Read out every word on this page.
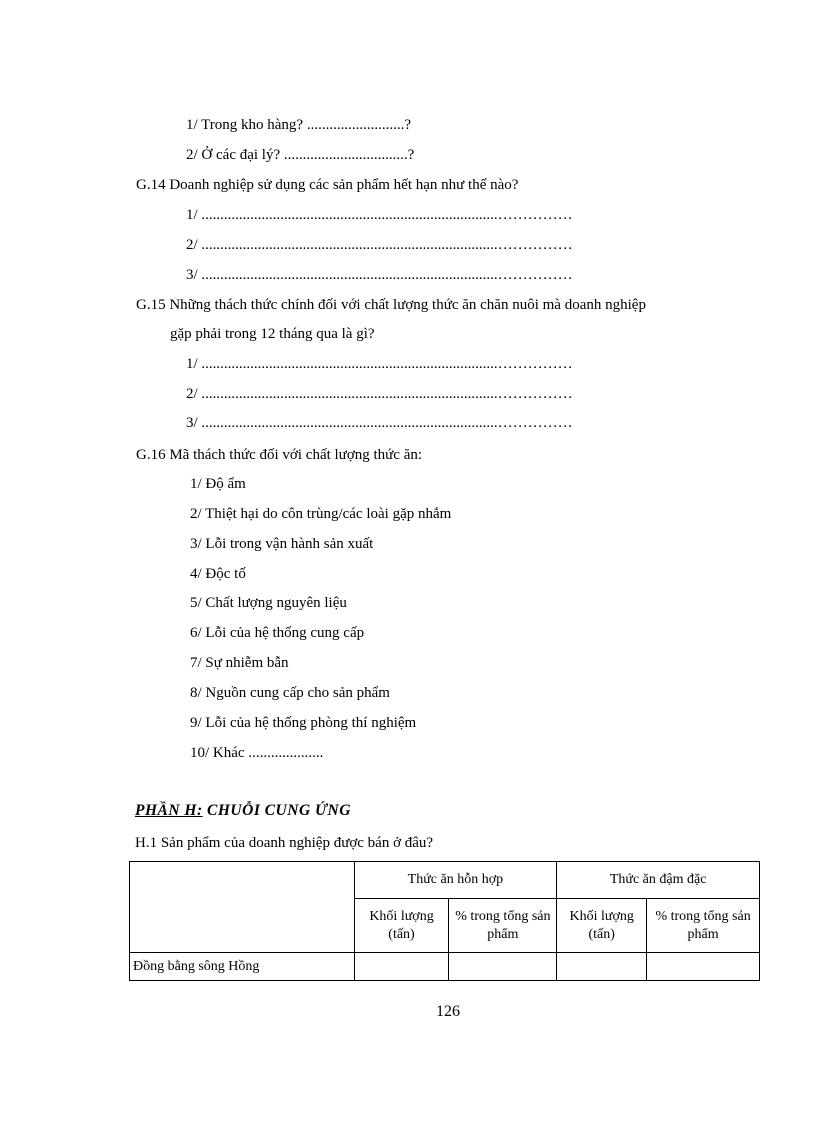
1/ Trong kho hàng? ..........................?
2/ Ở các đại lý? .................................?
G.14 Doanh nghiệp sử dụng các sản phẩm hết hạn như thế nào?
1/ ...............................................................................……………
2/ ...............................................................................……………
3/ ...............................................................................……………
G.15 Những thách thức chính đối với chất lượng thức ăn chăn nuôi mà doanh nghiệp
gặp phải trong 12 tháng qua là gì?
1/ ...............................................................................……………
2/ ...............................................................................……………
3/ ...............................................................................……………
G.16 Mã thách thức đối với chất lượng thức ăn:
1/ Độ ẩm
2/ Thiệt hại do côn trùng/các loài gặp nhắm
3/ Lỗi trong vận hành sản xuất
4/ Độc tố
5/ Chất lượng nguyên liệu
6/ Lỗi của hệ thống cung cấp
7/ Sự nhiễm bẫn
8/ Nguồn cung cấp cho sản phẩm
9/ Lỗi của hệ thống phòng thí nghiệm
10/ Khác ....................
PHẦN H: CHUỖI CUNG ỨNG
H.1 Sản phẩm của doanh nghiệp được bán ở đâu?
	Thức ăn hỗn hợp		Thức ăn đậm đặc	
	Khối lượng (tấn)	% trong tổng sản phẩm	Khối lượng (tấn)	% trong tổng sản phẩm
Đồng bằng sông Hồng				
126
